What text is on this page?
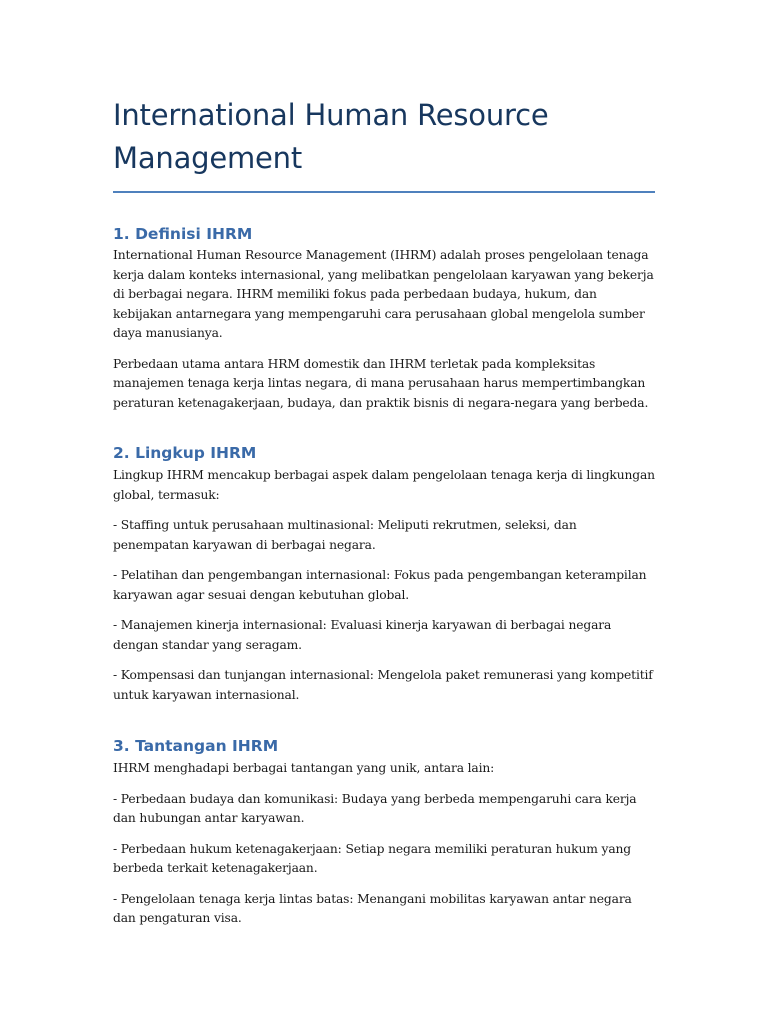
International Human Resource Management
1. Definisi IHRM

International Human Resource Management (IHRM) adalah proses pengelolaan tenaga kerja dalam konteks internasional, yang melibatkan pengelolaan karyawan yang bekerja di berbagai negara. IHRM memiliki fokus pada perbedaan budaya, hukum, dan kebijakan antarnegara yang mempengaruhi cara perusahaan global mengelola sumber daya manusianya.

Perbedaan utama antara HRM domestik dan IHRM terletak pada kompleksitas manajemen tenaga kerja lintas negara, di mana perusahaan harus mempertimbangkan peraturan ketenagakerjaan, budaya, dan praktik bisnis di negara-negara yang berbeda.

2. Lingkup IHRM

Lingkup IHRM mencakup berbagai aspek dalam pengelolaan tenaga kerja di lingkungan global, termasuk:

- Staffing untuk perusahaan multinasional: Meliputi rekrutmen, seleksi, dan penempatan karyawan di berbagai negara.

- Pelatihan dan pengembangan internasional: Fokus pada pengembangan keterampilan karyawan agar sesuai dengan kebutuhan global.

- Manajemen kinerja internasional: Evaluasi kinerja karyawan di berbagai negara dengan standar yang seragam.

- Kompensasi dan tunjangan internasional: Mengelola paket remunerasi yang kompetitif untuk karyawan internasional.

3. Tantangan IHRM

IHRM menghadapi berbagai tantangan yang unik, antara lain:

- Perbedaan budaya dan komunikasi: Budaya yang berbeda mempengaruhi cara kerja dan hubungan antar karyawan.

- Perbedaan hukum ketenagakerjaan: Setiap negara memiliki peraturan hukum yang berbeda terkait ketenagakerjaan.

- Pengelolaan tenaga kerja lintas batas: Menangani mobilitas karyawan antar negara dan pengaturan visa.
